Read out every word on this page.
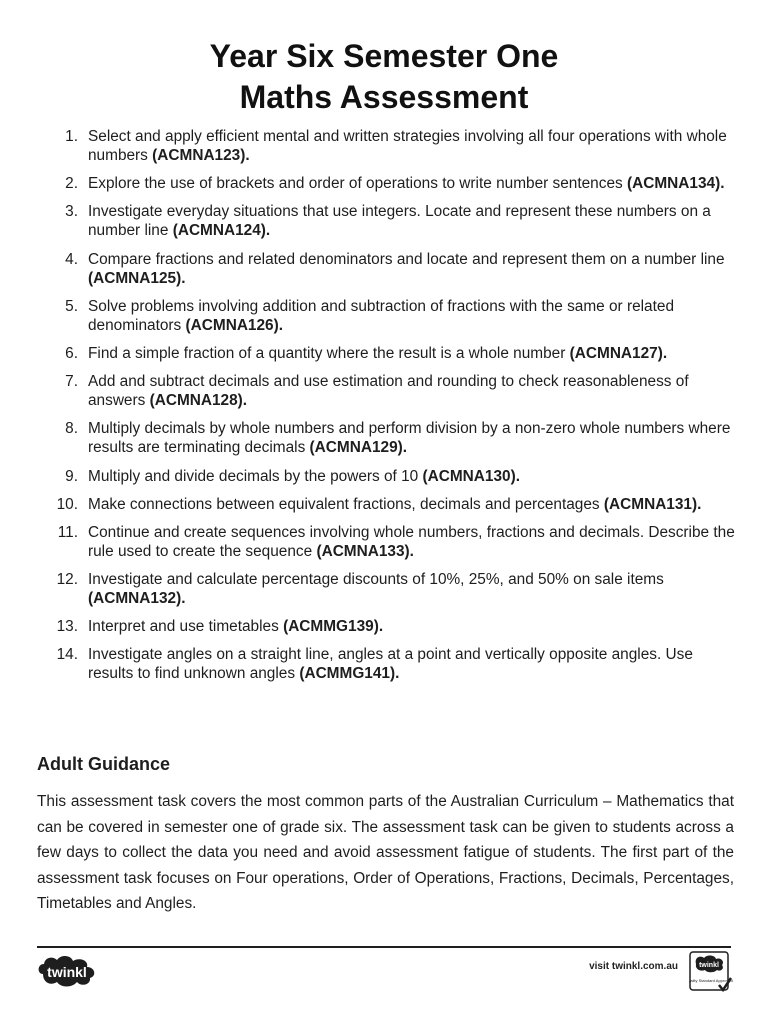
Year Six Semester One
Maths Assessment
1. Select and apply efficient mental and written strategies involving all four operations with whole numbers (ACMNA123).
2. Explore the use of brackets and order of operations to write number sentences (ACMNA134).
3. Investigate everyday situations that use integers. Locate and represent these numbers on a number line (ACMNA124).
4. Compare fractions and related denominators and locate and represent them on a number line (ACMNA125).
5. Solve problems involving addition and subtraction of fractions with the same or related denominators (ACMNA126).
6. Find a simple fraction of a quantity where the result is a whole number (ACMNA127).
7. Add and subtract decimals and use estimation and rounding to check reasonableness of answers (ACMNA128).
8. Multiply decimals by whole numbers and perform division by a non-zero whole numbers where results are terminating decimals (ACMNA129).
9. Multiply and divide decimals by the powers of 10 (ACMNA130).
10. Make connections between equivalent fractions, decimals and percentages (ACMNA131).
11. Continue and create sequences involving whole numbers, fractions and decimals. Describe the rule used to create the sequence (ACMNA133).
12. Investigate and calculate percentage discounts of 10%, 25%, and 50% on sale items (ACMNA132).
13. Interpret and use timetables (ACMMG139).
14. Investigate angles on a straight line, angles at a point and vertically opposite angles. Use results to find unknown angles (ACMMG141).
Adult Guidance

This assessment task covers the most common parts of the Australian Curriculum – Mathematics that can be covered in semester one of grade six. The assessment task can be given to students across a few days to collect the data you need and avoid assessment fatigue of students. The first part of the assessment task focuses on Four operations, Order of Operations, Fractions, Decimals, Percentages, Timetables and Angles.

twinkl	visit twinkl.com.au	twinkl
Quality Standard Approved
